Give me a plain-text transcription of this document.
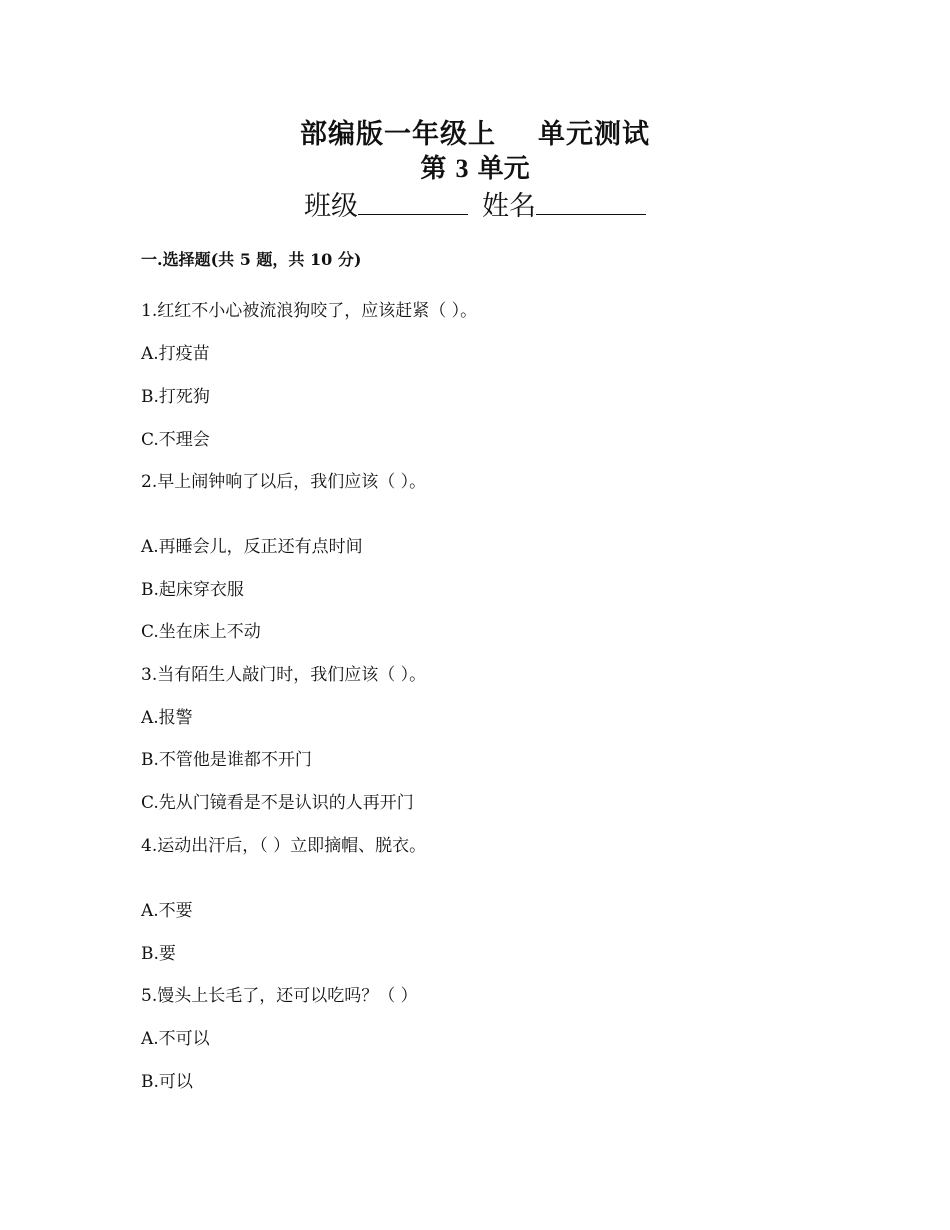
部编版一年级上 单元测试
第 3 单元
班级	姓名
一.选择题(共 5 题，共 10 分)
1.红红不小心被流浪狗咬了，应该赶紧（ ）。
A.打疫苗
B.打死狗
C.不理会
2.早上闹钟响了以后，我们应该（ ）。
A.再睡会儿，反正还有点时间
B.起床穿衣服
C.坐在床上不动
3.当有陌生人敲门时，我们应该（ ）。
A.报警
B.不管他是谁都不开门
C.先从门镜看是不是认识的人再开门
4.运动出汗后，（ ）立即摘帽、脱衣。
A.不要
B.要
5.馒头上长毛了，还可以吃吗？（ ）
A.不可以
B.可以
